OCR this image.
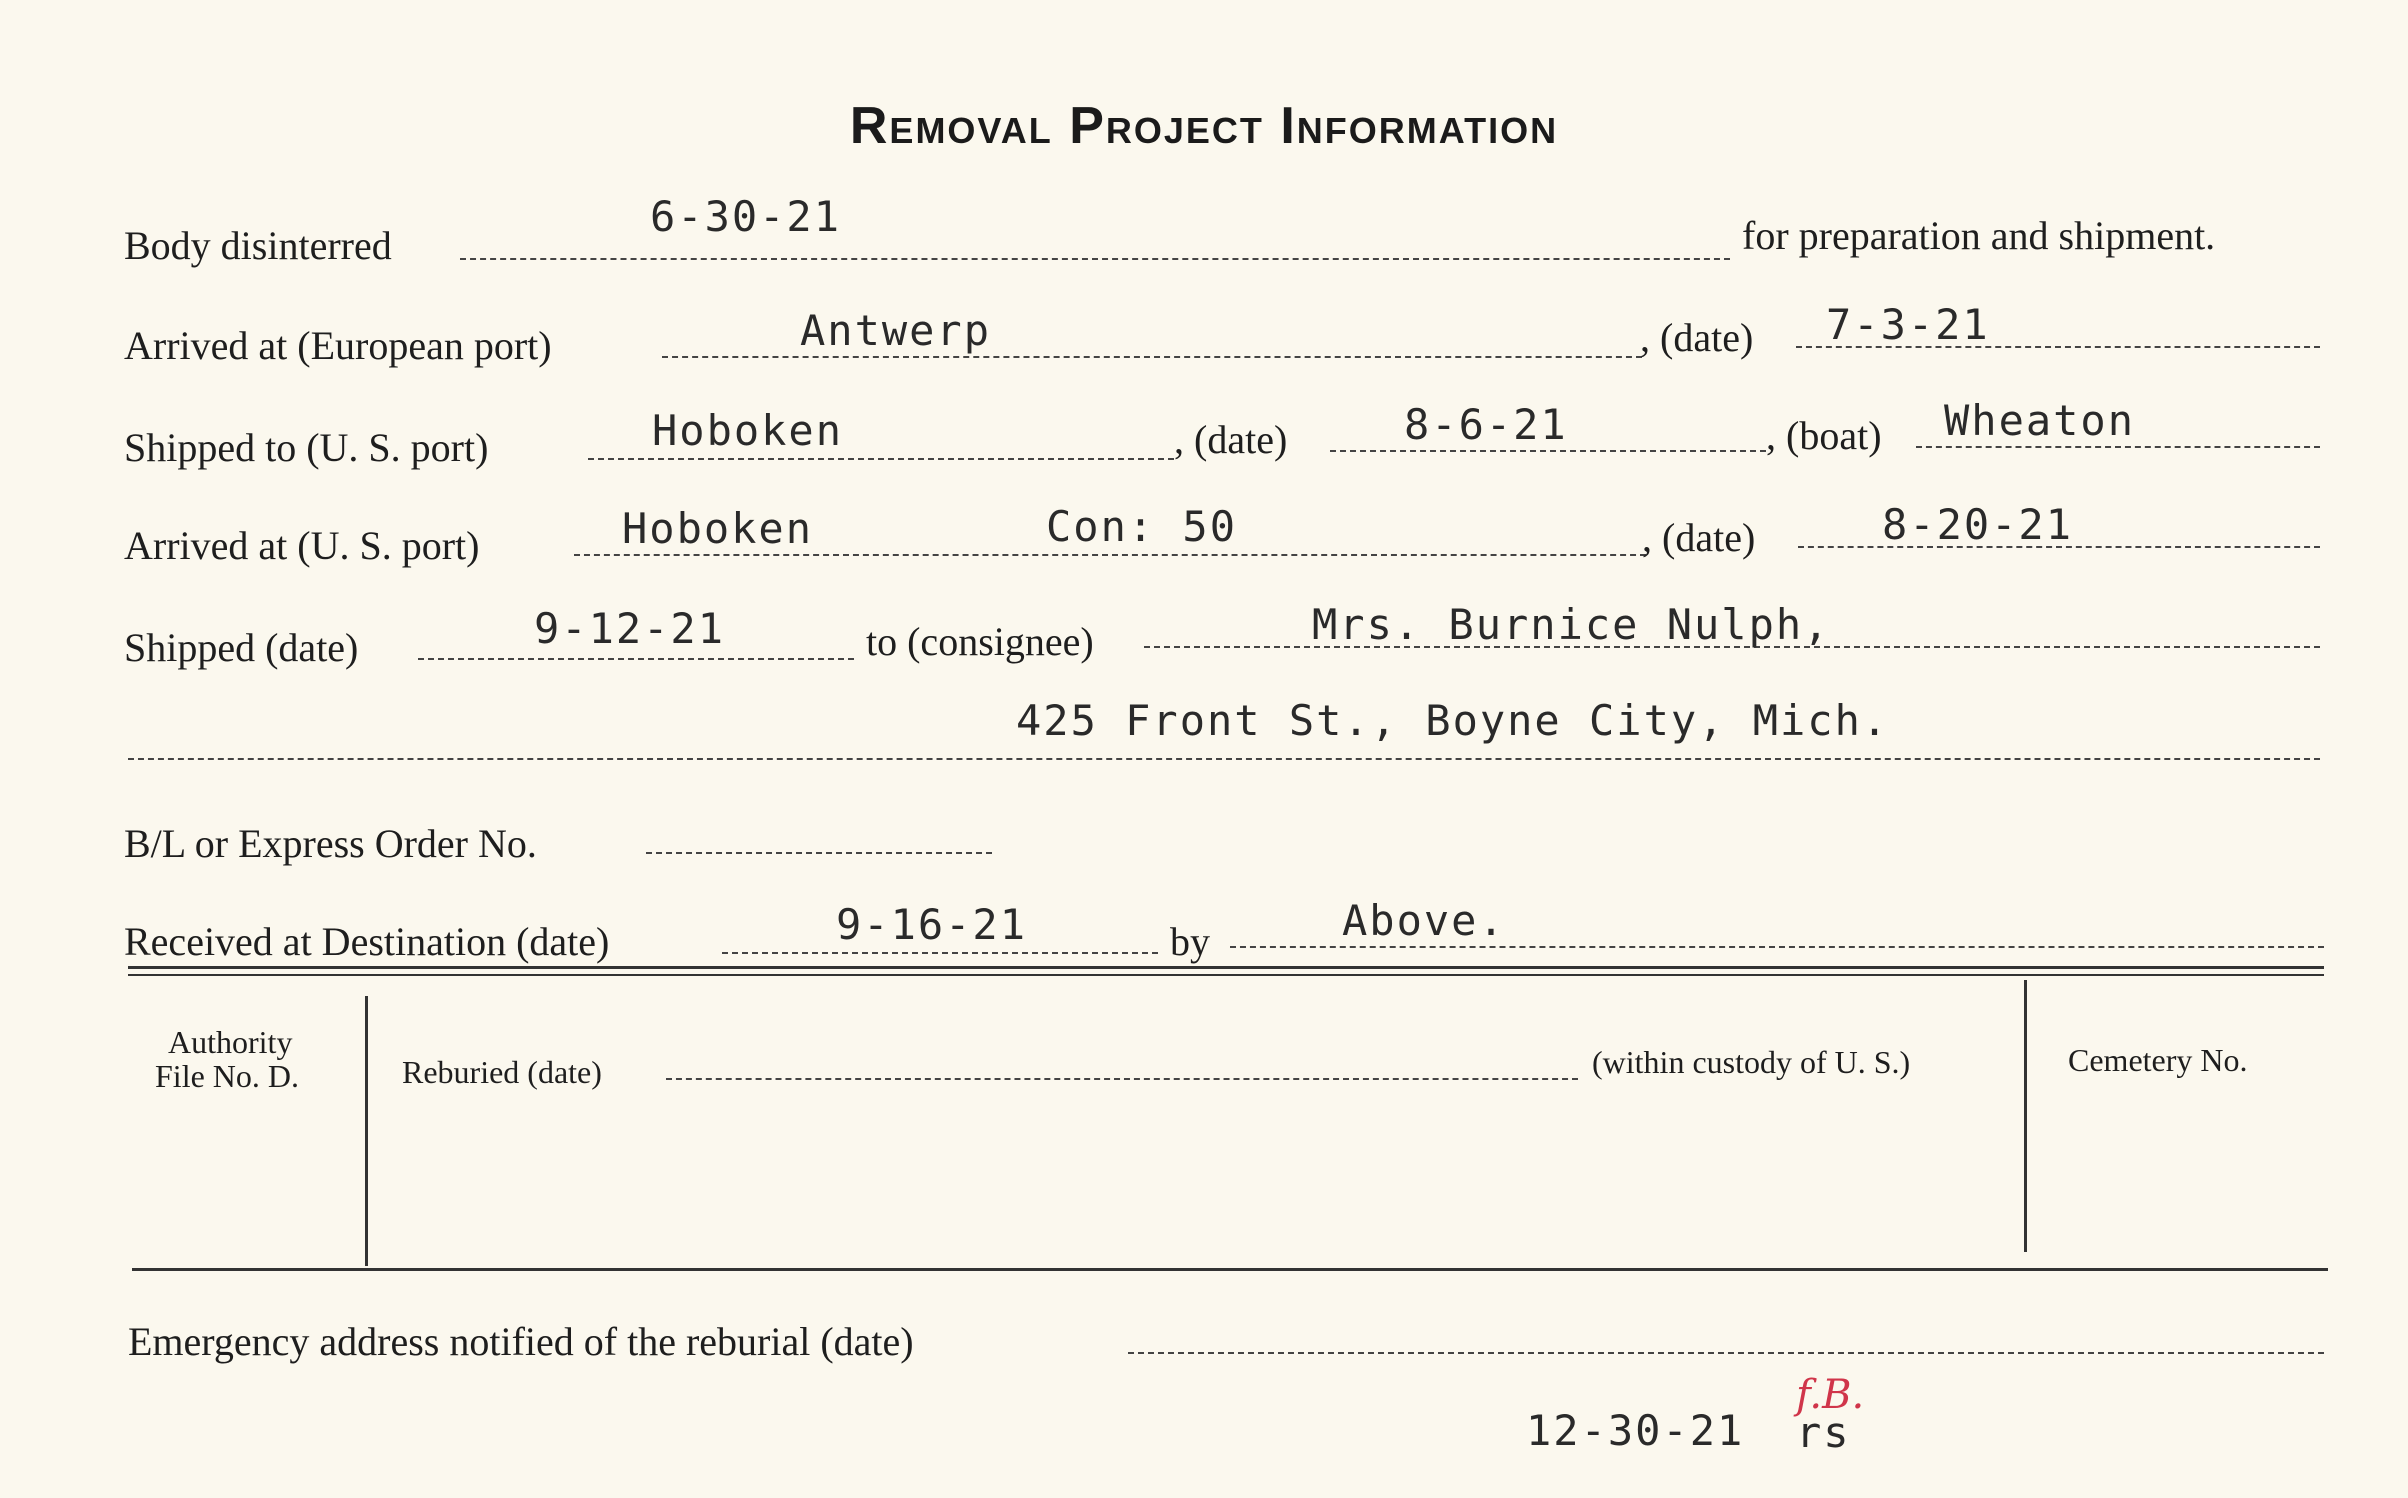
Removal Project Information
Body disinterred
6-30-21	for preparation and shipment.
Arrived at (European port)	Antwerp	, (date) 7-3-21
Shipped to (U. S. port)	Hoboken	, (date)	8-6-21	, (boat) Wheaton
Arrived at (U. S. port)	Hoboken	Con: 50	, (date)	8-20-21
Shipped (date)	9-12-21	to (consignee)	Mrs. Burnice Nulph,
425 Front St., Boyne City, Mich.
B/L or Express Order No.
Received at Destination (date)	9-16-21	by	Above.
Authority
File No. D.	Reburied (date)	(within custody of U. S.)	Cemetery No.
Emergency address notified of the reburial (date)
12-30-21 rs
f.B.
